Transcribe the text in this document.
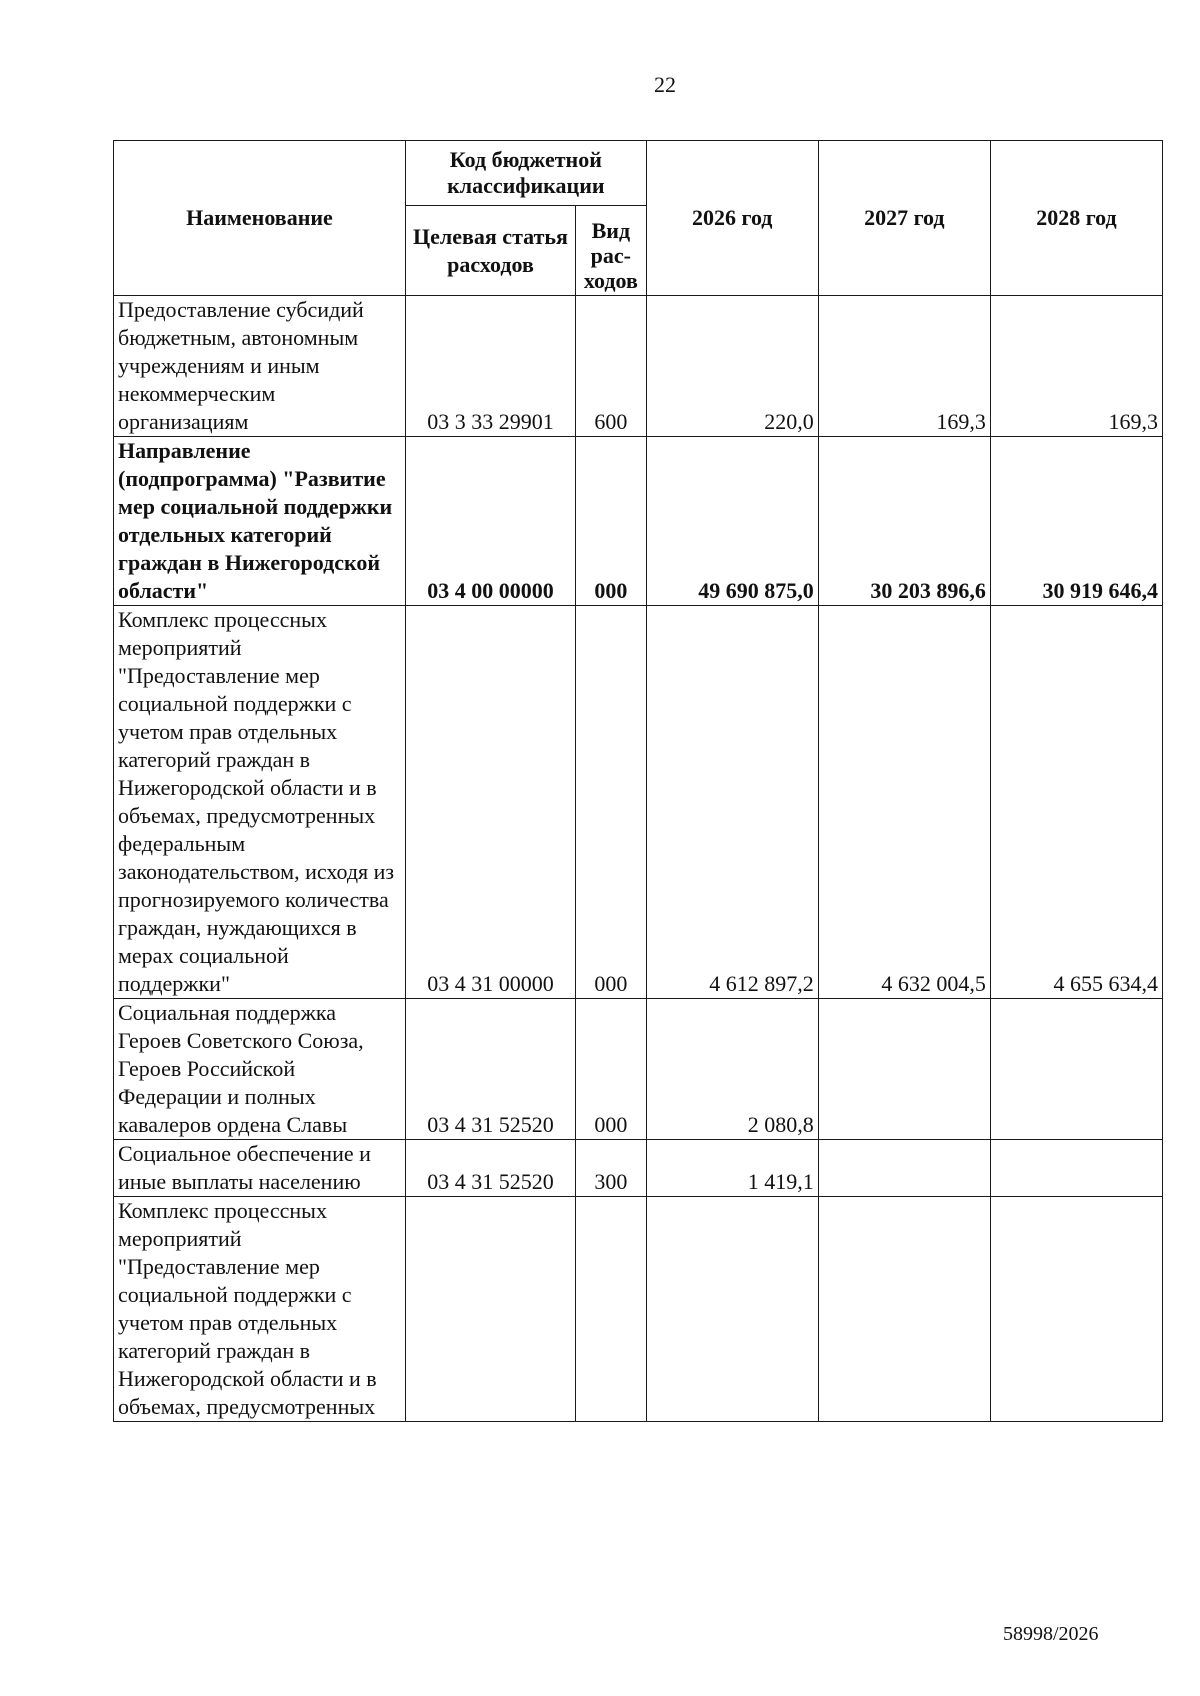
22
Наименование	Код бюджетной классификации		2026 год	2027 год	2028 год
	Целевая статья расходов	Вид рас-ходов			
Предоставление субсидий бюджетным, автономным учреждениям и иным некоммерческим организациям	03 3 33 29901	600	220,0	169,3	169,3
Направление (подпрограмма) "Развитие мер социальной поддержки отдельных категорий граждан в Нижегородской области"	03 4 00 00000	000	49 690 875,0	30 203 896,6	30 919 646,4
Комплекс процессных мероприятий "Предоставление мер социальной поддержки с учетом прав отдельных категорий граждан в Нижегородской области и в объемах, предусмотренных федеральным законодательством, исходя из прогнозируемого количества граждан, нуждающихся в мерах социальной поддержки"	03 4 31 00000	000	4 612 897,2	4 632 004,5	4 655 634,4
Социальная поддержка Героев Советского Союза, Героев Российской Федерации и полных кавалеров ордена Славы	03 4 31 52520	000	2 080,8		
Социальное обеспечение и иные выплаты населению	03 4 31 52520	300	1 419,1		
Комплекс процессных мероприятий "Предоставление мер социальной поддержки с учетом прав отдельных категорий граждан в Нижегородской области и в объемах, предусмотренных					
58998/2026
